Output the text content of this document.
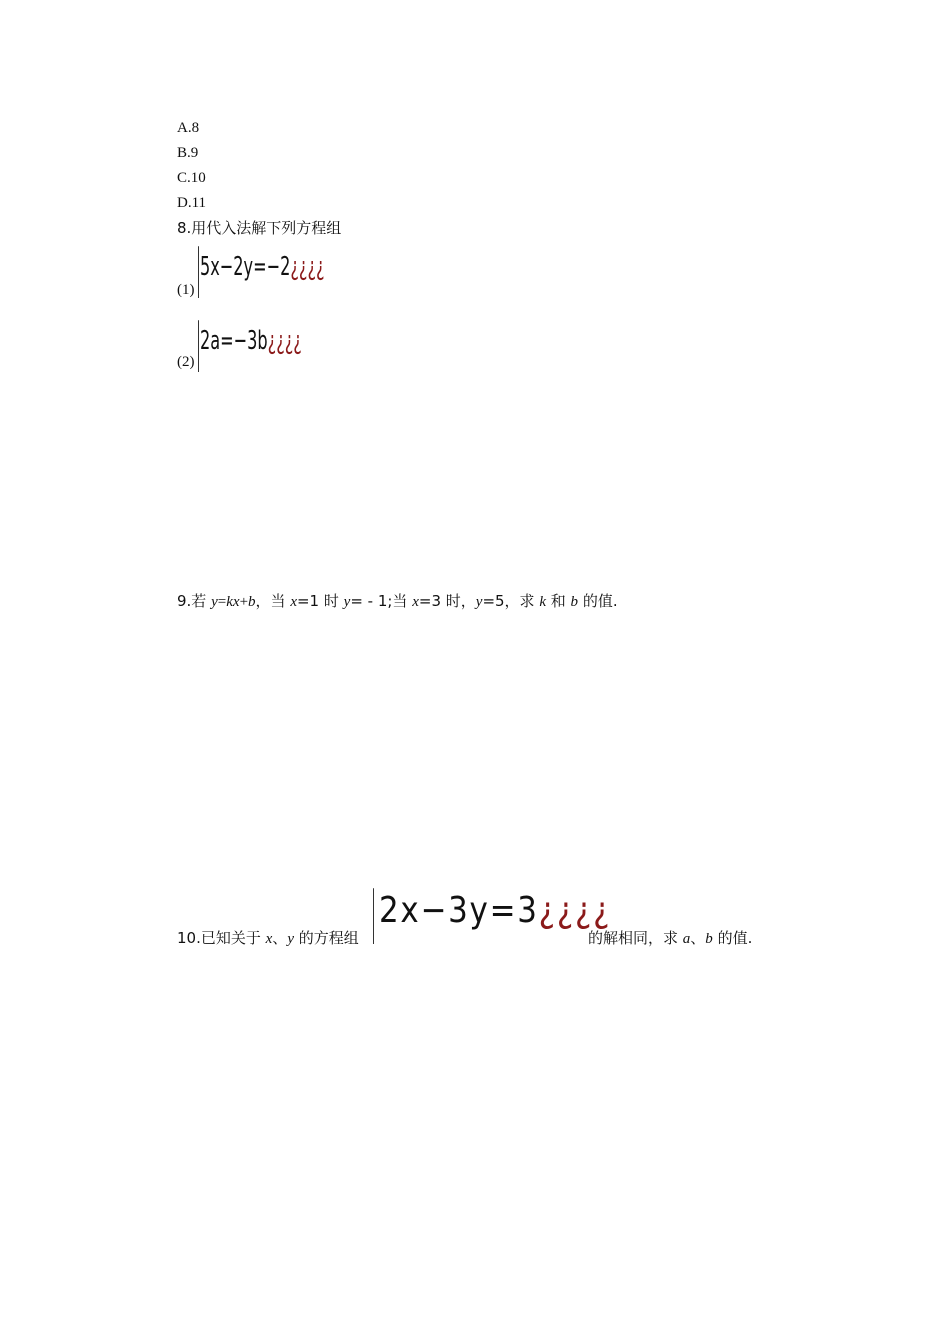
A.8
B.9
C.10
D.11
8.用代入法解下列方程组
(1)
5x−2y=−2¿¿¿¿
(2)
2a=−3b¿¿¿¿
9.若 y=kx+b，当 x=1 时 y= - 1;当 x=3 时，y=5，求 k 和 b 的值.
10.已知关于 x、y 的方程组
2x−3y=3¿¿¿¿
的解相同，求 a、b 的值.
